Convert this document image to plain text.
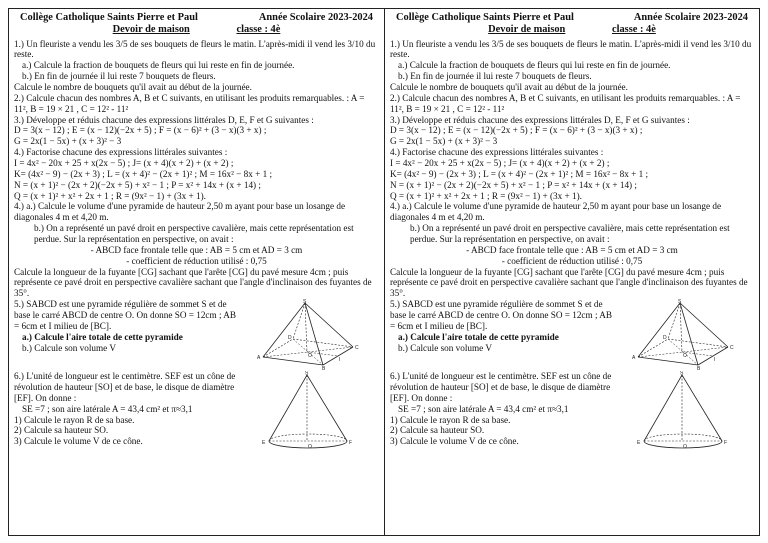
Collège Catholique Saints Pierre et Paul	Année Scolaire 2023-2024
Devoir de maison	classe : 4è

1.) Un fleuriste a vendu les 3/5 de ses bouquets de fleurs le matin. L'après-midi il vend les 3/10 du reste.

a.) Calcule la fraction de bouquets de fleurs qui lui reste en fin de journée.

b.) En fin de journée il lui reste 7 bouquets de fleurs.

Calcule le nombre de bouquets qu'il avait au début de la journée.

2.) Calcule chacun des nombres A, B et C suivants, en utilisant les produits remarquables. : A = 11², B = 19 × 21 , C = 12² - 11²

3.) Développe et réduis chacune des expressions littérales D, E, F et G suivantes :

D = 3(x − 12) ; E = (x − 12)(−2x + 5) ; F = (x − 6)² + (3 − x)(3 + x) ;

G = 2x(1 − 5x) + (x + 3)² − 3

4.) Factorise chacune des expressions littérales suivantes :

I = 4x² − 20x + 25 + x(2x − 5) ; J= (x + 4)(x + 2) + (x + 2) ;

K= (4x² − 9) − (2x + 3) ; L = (x + 4)² − (2x + 1)² ; M = 16x² − 8x + 1 ;

N = (x + 1)² − (2x + 2)(−2x + 5) + x² − 1 ; P = x² + 14x + (x + 14) ;

Q = (x + 1)² + x² + 2x + 1 ; R = (9x² − 1) + (3x + 1).

4.) a.) Calcule le volume d'une pyramide de hauteur 2,50 m ayant pour base un losange de diagonales 4 m et 4,20 m.

b.) On a représenté un pavé droit en perspective cavalière, mais cette représentation est perdue. Sur la représentation en perspective, on avait :

- ABCD face frontale telle que : AB = 5 cm et AD = 3 cm

- coefficient de réduction utilisé : 0,75

Calcule la longueur de la fuyante [CG] sachant que l'arête [CG] du pavé mesure 4cm ; puis représente ce pavé droit en perspective cavalière sachant que l'angle d'inclinaison des fuyantes de 35°.

5.) SABCD est une pyramide régulière de sommet S et de base le carré ABCD de centre O. On donne SO = 12cm ; AB = 6cm et I milieu de [BC].

a.) Calcule l'aire totale de cette pyramide

b.) Calcule son volume V

S
A
B
C
D
O
I

6.) L'unité de longueur est le centimètre. SEF est un cône de révolution de hauteur [SO] et de base, le disque de diamètre [EF]. On donne :

SE =7 ; son aire latérale A = 43,4 cm² et π≈3,1

1) Calcule le rayon R de sa base.

2) Calcule sa hauteur SO.

3) Calcule le volume V de ce cône.

S
E	F
O
Collège Catholique Saints Pierre et Paul	Année Scolaire 2023-2024
Devoir de maison	classe : 4è

1.) Un fleuriste a vendu les 3/5 de ses bouquets de fleurs le matin. L'après-midi il vend les 3/10 du reste.

a.) Calcule la fraction de bouquets de fleurs qui lui reste en fin de journée.

b.) En fin de journée il lui reste 7 bouquets de fleurs.

Calcule le nombre de bouquets qu'il avait au début de la journée.

2.) Calcule chacun des nombres A, B et C suivants, en utilisant les produits remarquables. : A = 11², B = 19 × 21 , C = 12² - 11²

3.) Développe et réduis chacune des expressions littérales D, E, F et G suivantes :

D = 3(x − 12) ; E = (x − 12)(−2x + 5) ; F = (x − 6)² + (3 − x)(3 + x) ;

G = 2x(1 − 5x) + (x + 3)² − 3

4.) Factorise chacune des expressions littérales suivantes :

I = 4x² − 20x + 25 + x(2x − 5) ; J= (x + 4)(x + 2) + (x + 2) ;

K= (4x² − 9) − (2x + 3) ; L = (x + 4)² − (2x + 1)² ; M = 16x² − 8x + 1 ;

N = (x + 1)² − (2x + 2)(−2x + 5) + x² − 1 ; P = x² + 14x + (x + 14) ;

Q = (x + 1)² + x² + 2x + 1 ; R = (9x² − 1) + (3x + 1).

4.) a.) Calcule le volume d'une pyramide de hauteur 2,50 m ayant pour base un losange de diagonales 4 m et 4,20 m.

b.) On a représenté un pavé droit en perspective cavalière, mais cette représentation est perdue. Sur la représentation en perspective, on avait :

- ABCD face frontale telle que : AB = 5 cm et AD = 3 cm

- coefficient de réduction utilisé : 0,75

Calcule la longueur de la fuyante [CG] sachant que l'arête [CG] du pavé mesure 4cm ; puis représente ce pavé droit en perspective cavalière sachant que l'angle d'inclinaison des fuyantes de 35°.

5.) SABCD est une pyramide régulière de sommet S et de base le carré ABCD de centre O. On donne SO = 12cm ; AB = 6cm et I milieu de [BC].

a.) Calcule l'aire totale de cette pyramide

b.) Calcule son volume V

S
A
B
C
D
O
I

6.) L'unité de longueur est le centimètre. SEF est un cône de révolution de hauteur [SO] et de base, le disque de diamètre [EF]. On donne :

SE =7 ; son aire latérale A = 43,4 cm² et π≈3,1

1) Calcule le rayon R de sa base.

2) Calcule sa hauteur SO.

3) Calcule le volume V de ce cône.

S
E	F
O
